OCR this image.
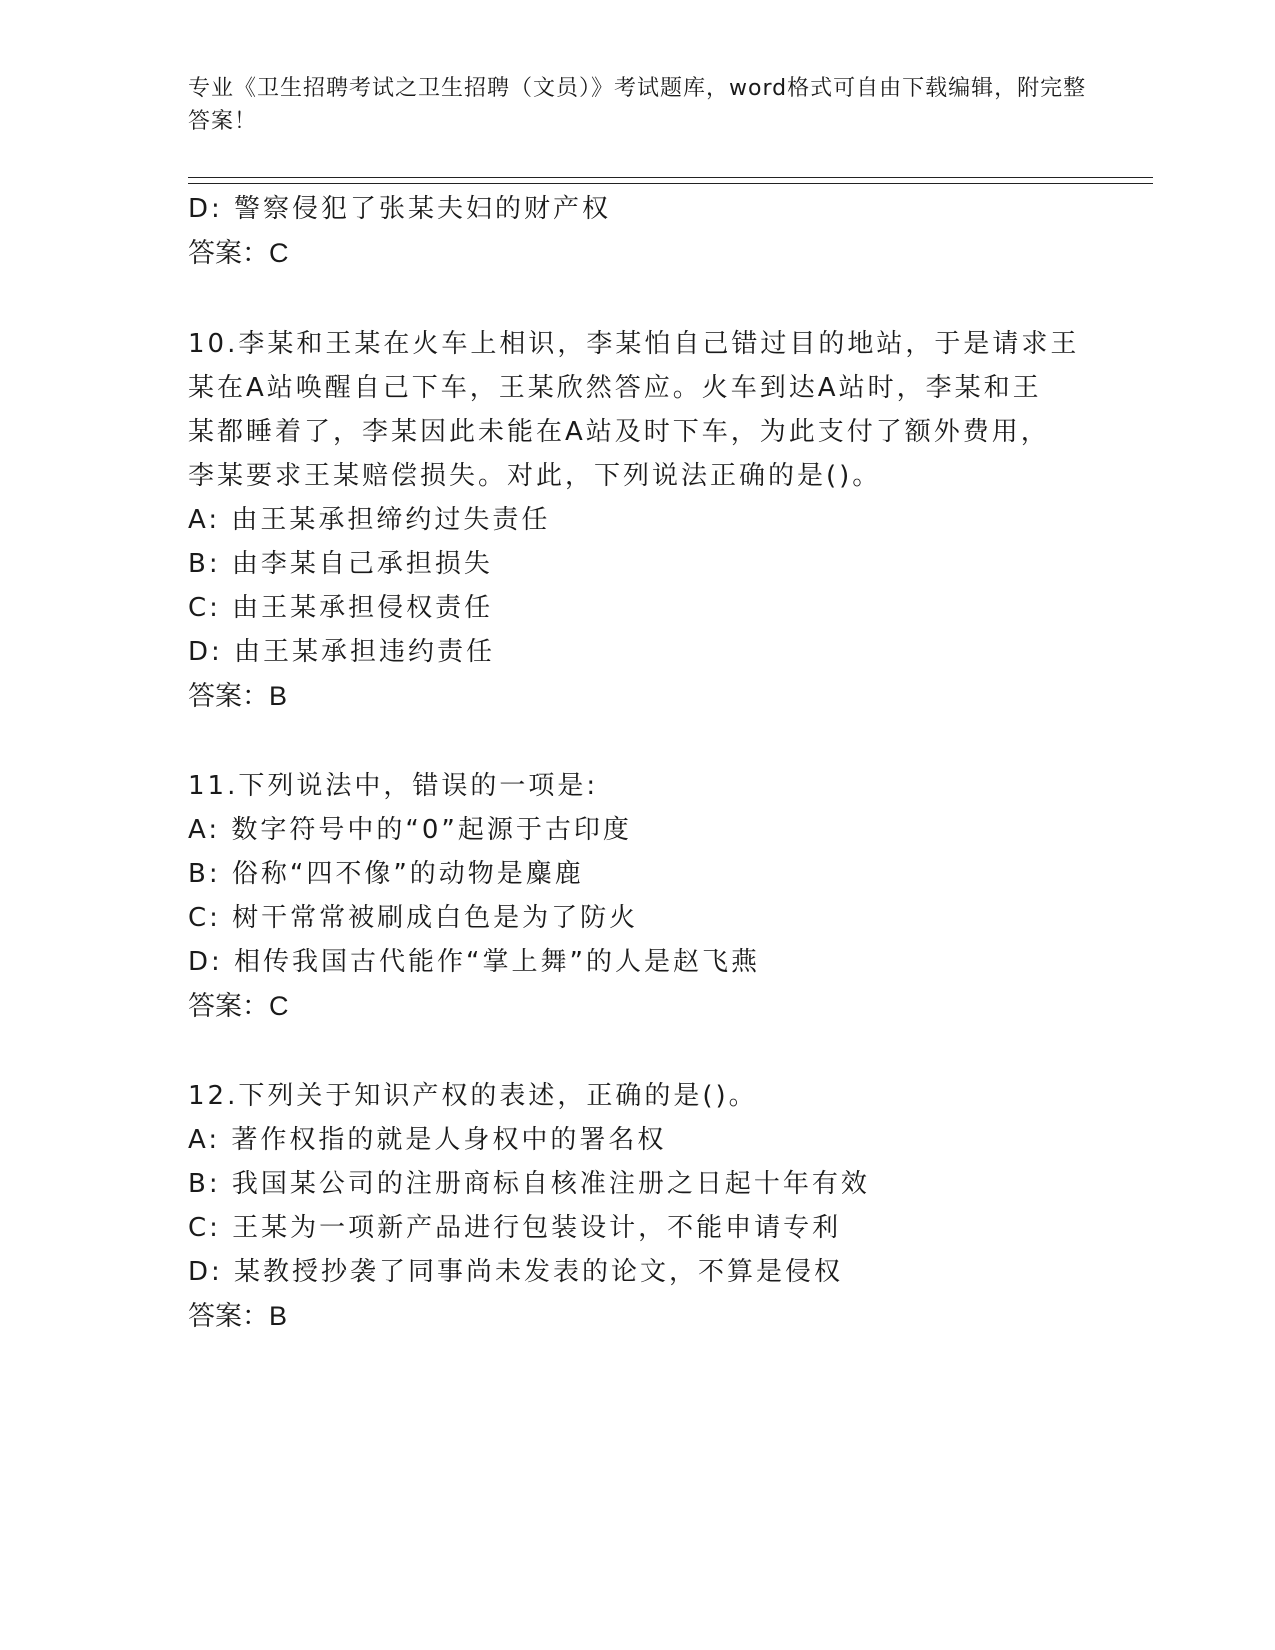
专业《卫生招聘考试之卫生招聘（文员）》考试题库，word格式可自由下载编辑，附完整答案！
D: 警察侵犯了张某夫妇的财产权
答案：C
10.李某和王某在火车上相识，李某怕自己错过目的地站，于是请求王
某在A站唤醒自己下车，王某欣然答应。火车到达A站时，李某和王
某都睡着了，李某因此未能在A站及时下车，为此支付了额外费用，
李某要求王某赔偿损失。对此，下列说法正确的是()。
A: 由王某承担缔约过失责任
B: 由李某自己承担损失
C: 由王某承担侵权责任
D: 由王某承担违约责任
答案：B
11.下列说法中，错误的一项是:
A: 数字符号中的“0”起源于古印度
B: 俗称“四不像”的动物是麋鹿
C: 树干常常被刷成白色是为了防火
D: 相传我国古代能作“掌上舞”的人是赵飞燕
答案：C
12.下列关于知识产权的表述，正确的是()。
A: 著作权指的就是人身权中的署名权
B: 我国某公司的注册商标自核准注册之日起十年有效
C: 王某为一项新产品进行包装设计，不能申请专利
D: 某教授抄袭了同事尚未发表的论文，不算是侵权
答案：B
